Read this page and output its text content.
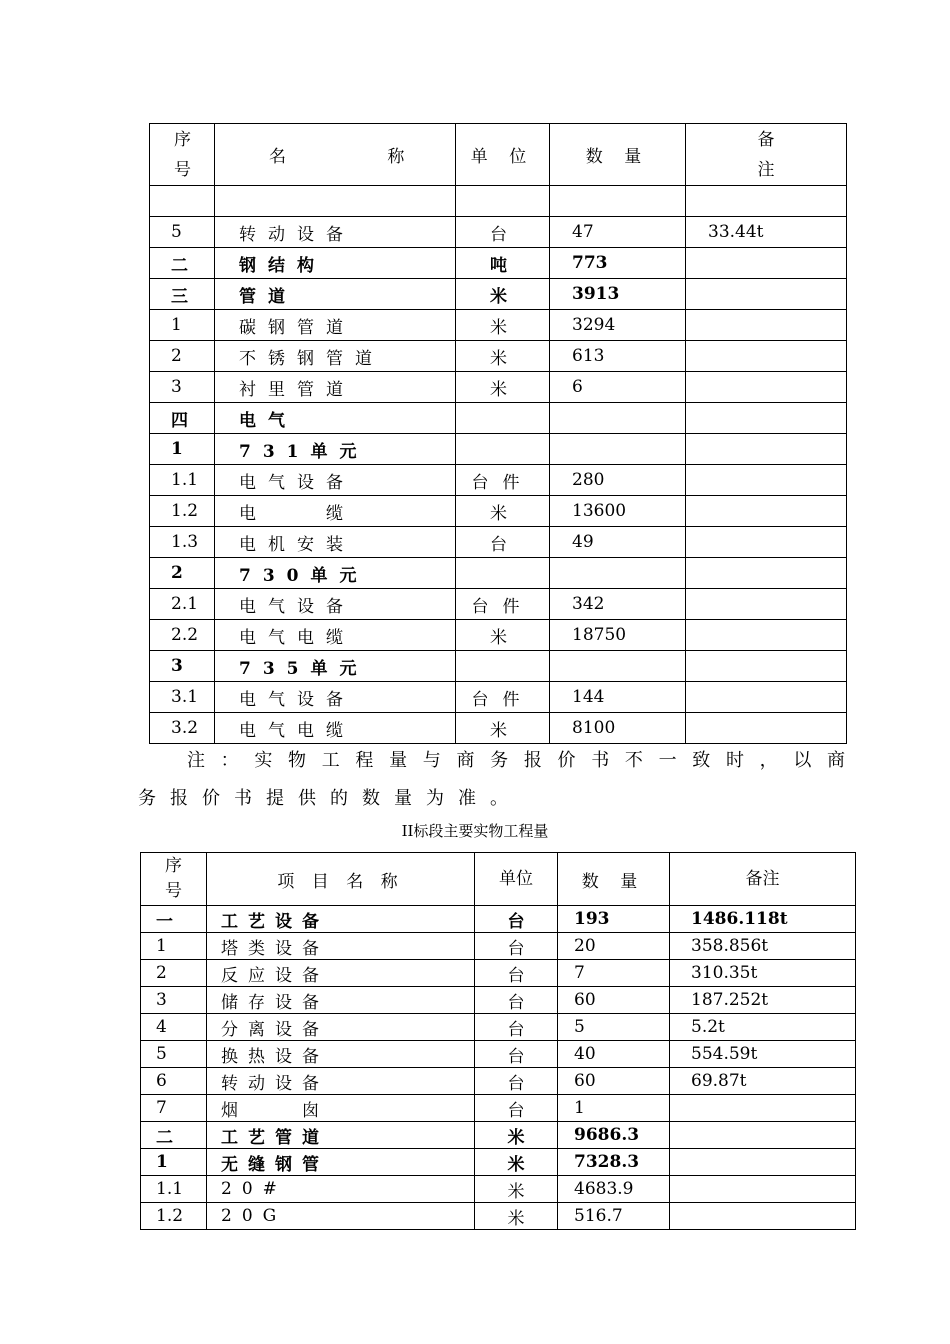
序号	名 称	单 位	数 量	备注

5	转动设备	台	47	33.44t
二	钢结构	吨	773	
三	管道	米	3913	
1	碳钢管道	米	3294	
2	不锈钢管道	米	613	
3	衬里管道	米	6	
四	电气			
1	731单元			
1.1	电气设备	台件	280	
1.2	电　　缆	米	13600	
1.3	电机安装	台	49	
2	730单元			
2.1	电气设备	台件	342	
2.2	电气电缆	米	18750	
3	735单元			
3.1	电气设备	台件	144	
3.2	电气电缆	米	8100	
注：实物工程量与商务报价书不一致时，以商
务报价书提供的数量为准。
II标段主要实物工程量
序号	项 目 名 称	单位	数 量	备注
一	工艺设备	台	193	1486.118t
1	塔类设备	台	20	358.856t
2	反应设备	台	7	310.35t
3	储存设备	台	60	187.252t
4	分离设备	台	5	5.2t
5	换热设备	台	40	554.59t
6	转动设备	台	60	69.87t
7	烟　　囱	台	1	
二	工艺管道	米	9686.3	
1	无缝钢管	米	7328.3	
1.1	20#	米	4683.9	
1.2	20G	米	516.7	
